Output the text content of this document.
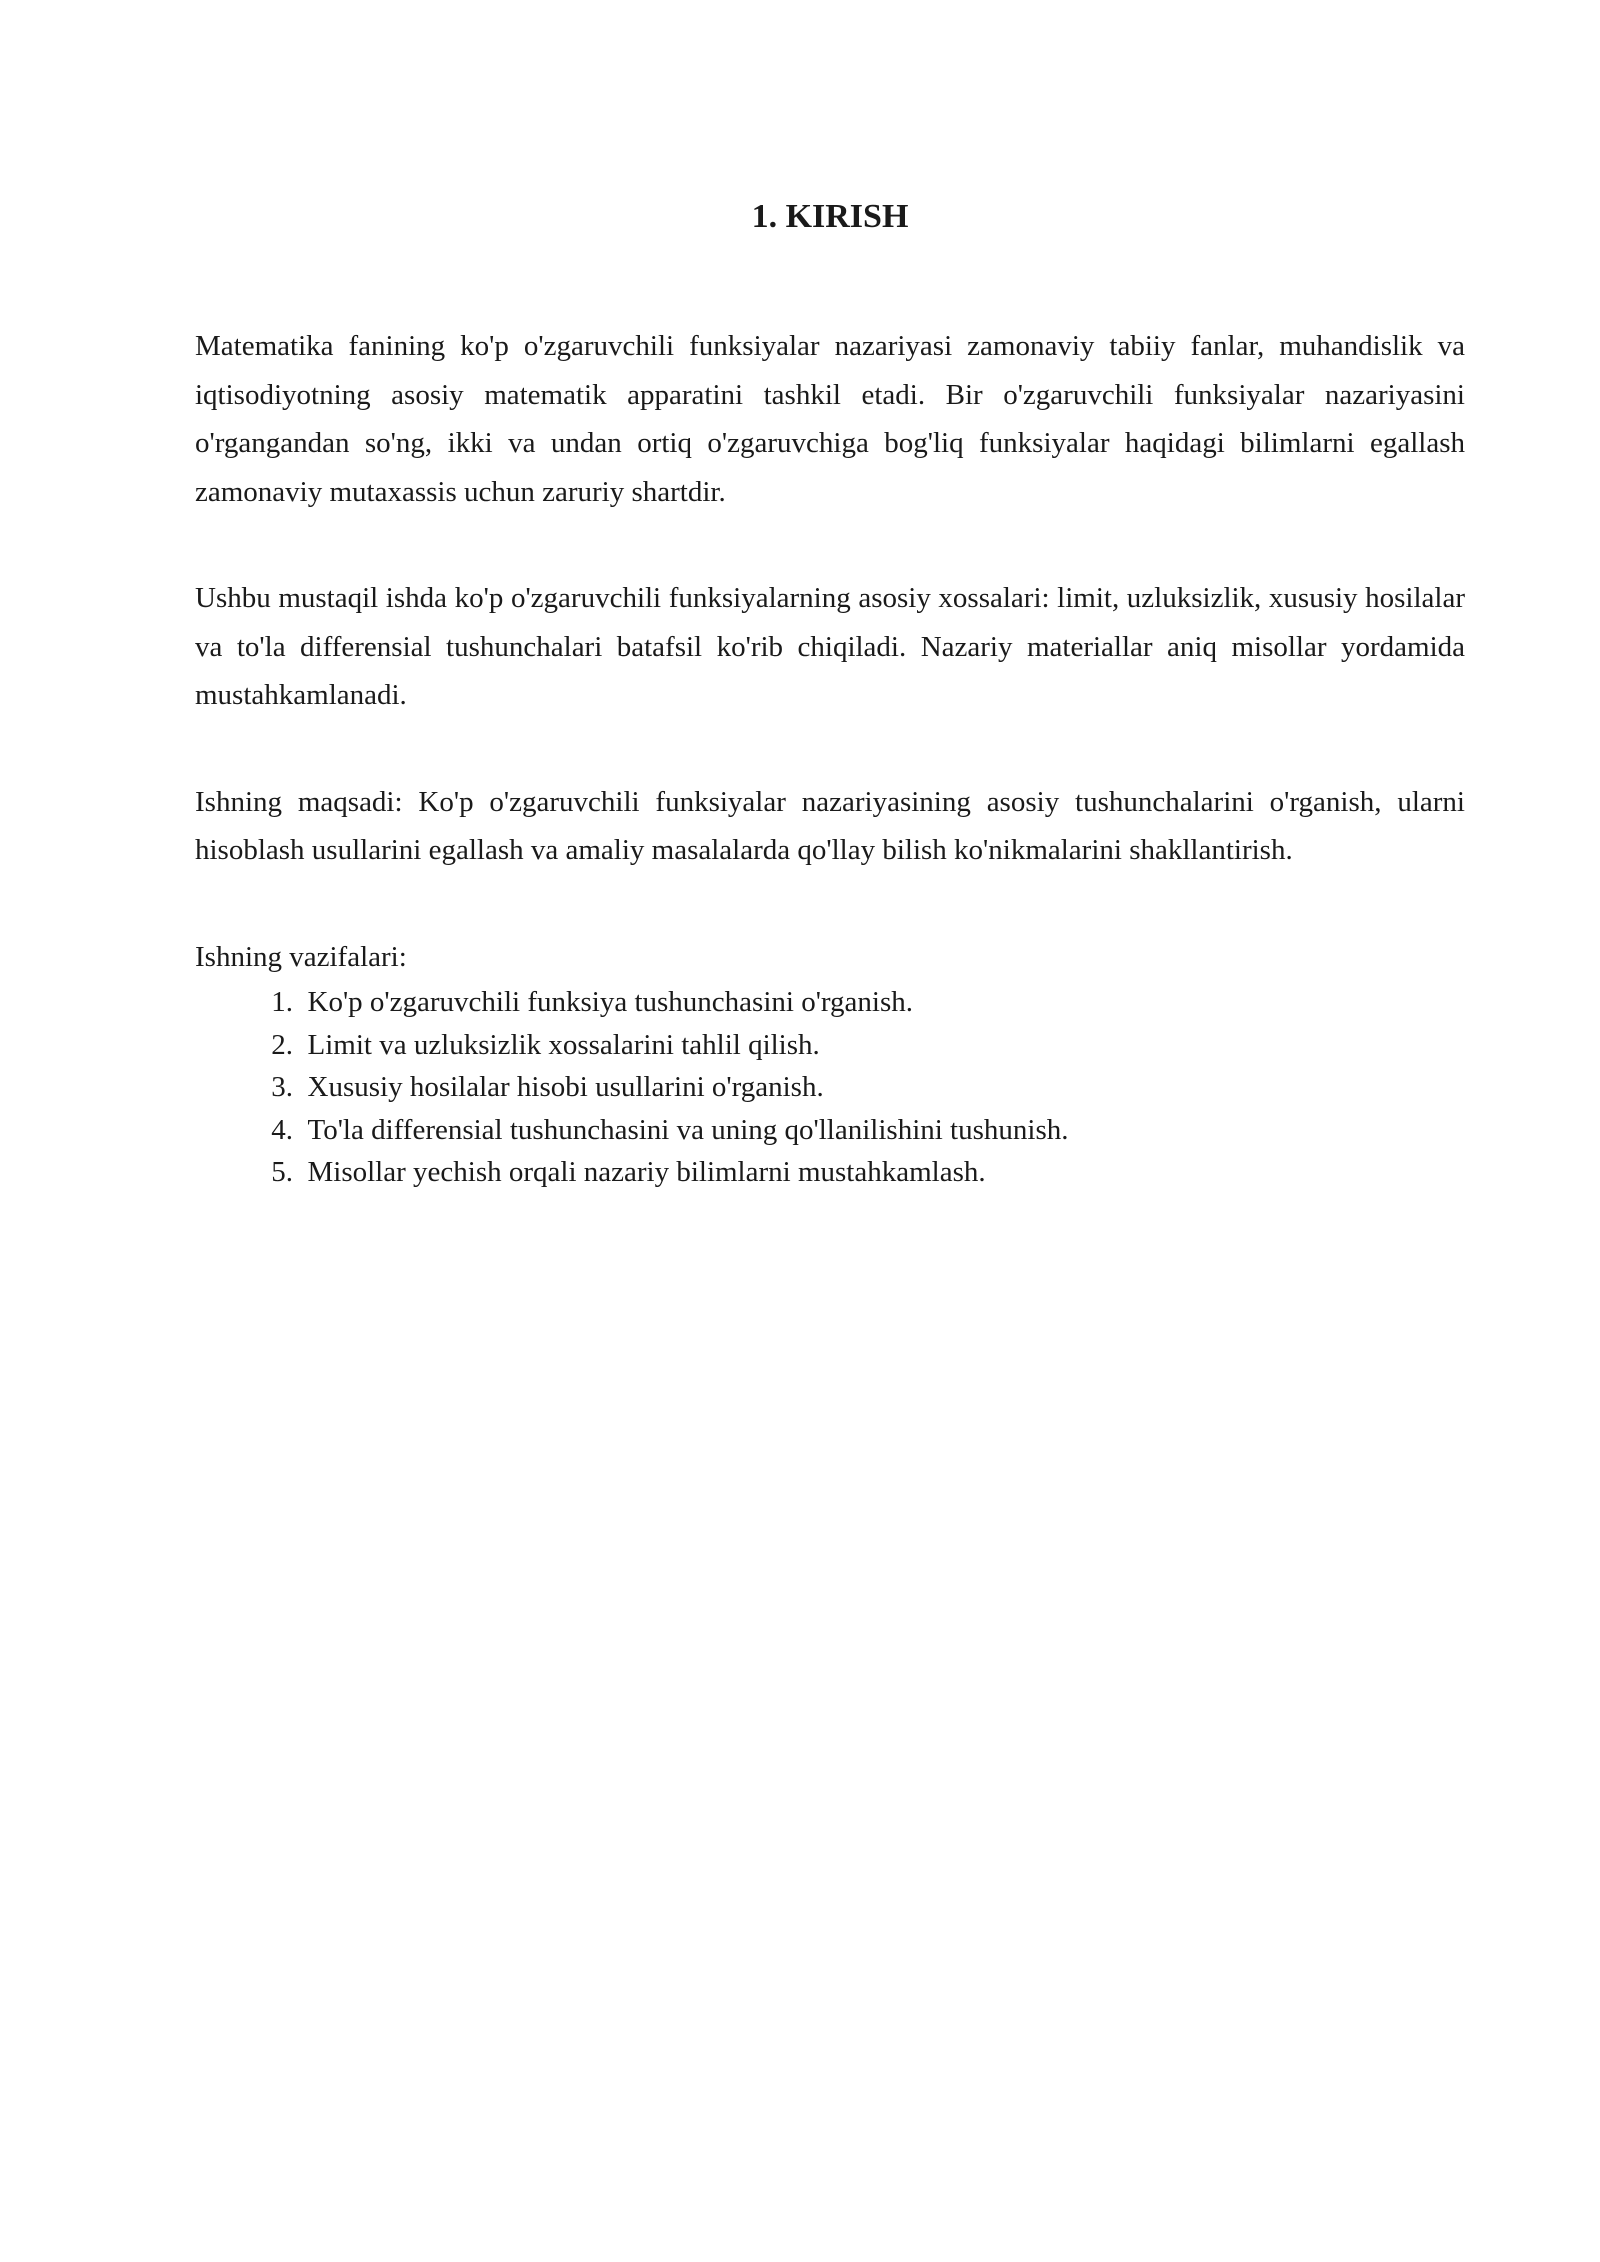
1. KIRISH

Matematika fanining ko'p o'zgaruvchili funksiyalar nazariyasi zamonaviy tabiiy fanlar, muhandislik va iqtisodiyotning asosiy matematik apparatini tashkil etadi. Bir o'zgaruvchili funksiyalar nazariyasini o'rgangandan so'ng, ikki va undan ortiq o'zgaruvchiga bog'liq funksiyalar haqidagi bilimlarni egallash zamonaviy mutaxassis uchun zaruriy shartdir.

Ushbu mustaqil ishda ko'p o'zgaruvchili funksiyalarning asosiy xossalari: limit, uzluksizlik, xususiy hosilalar va to'la differensial tushunchalari batafsil ko'rib chiqiladi. Nazariy materiallar aniq misollar yordamida mustahkamlanadi.

Ishning maqsadi: Ko'p o'zgaruvchili funksiyalar nazariyasining asosiy tushunchalarini o'rganish, ularni hisoblash usullarini egallash va amaliy masalalarda qo'llay bilish ko'nikmalarini shakllantirish.

Ishning vazifalari:

1.
Ko'p o'zgaruvchili funksiya tushunchasini o'rganish.
2.
Limit va uzluksizlik xossalarini tahlil qilish.
3.
Xususiy hosilalar hisobi usullarini o'rganish.
4.
To'la differensial tushunchasini va uning qo'llanilishini tushunish.
5.
Misollar yechish orqali nazariy bilimlarni mustahkamlash.
